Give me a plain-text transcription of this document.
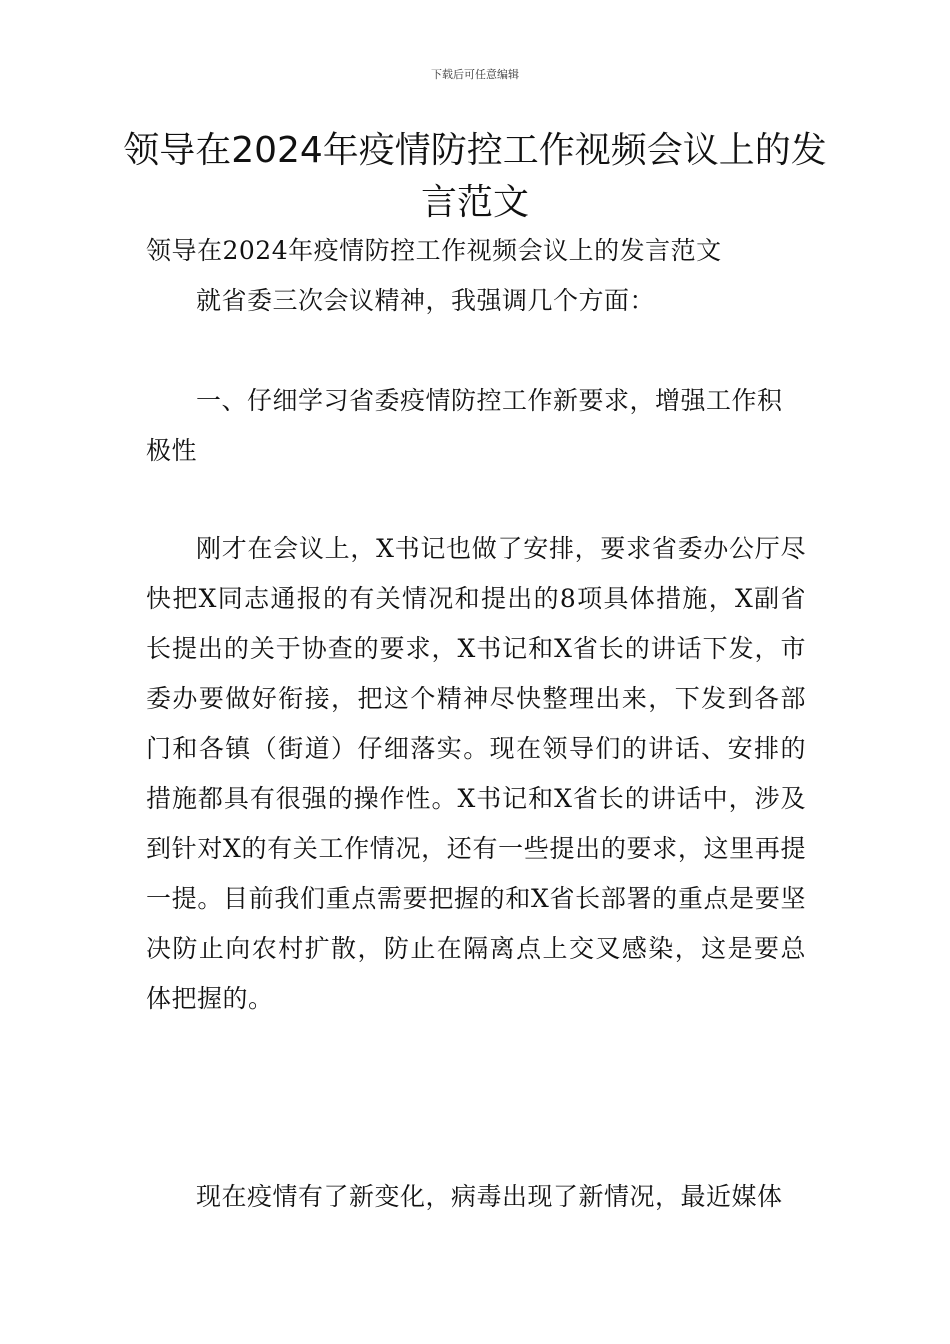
下载后可任意编辑
领导在2024年疫情防控工作视频会议上的发言范文
领导在2024年疫情防控工作视频会议上的发言范文
就省委三次会议精神，我强调几个方面：
一、仔细学习省委疫情防控工作新要求，增强工作积极性
刚才在会议上，X书记也做了安排，要求省委办公厅尽快把X同志通报的有关情况和提出的8项具体措施，X副省长提出的关于协查的要求，X书记和X省长的讲话下发，市委办要做好衔接，把这个精神尽快整理出来，下发到各部门和各镇（街道）仔细落实。现在领导们的讲话、安排的措施都具有很强的操作性。X书记和X省长的讲话中，涉及到针对X的有关工作情况，还有一些提出的要求，这里再提一提。目前我们重点需要把握的和X省长部署的重点是要坚决防止向农村扩散，防止在隔离点上交叉感染，这是要总体把握的。
现在疫情有了新变化，病毒出现了新情况，最近媒体
